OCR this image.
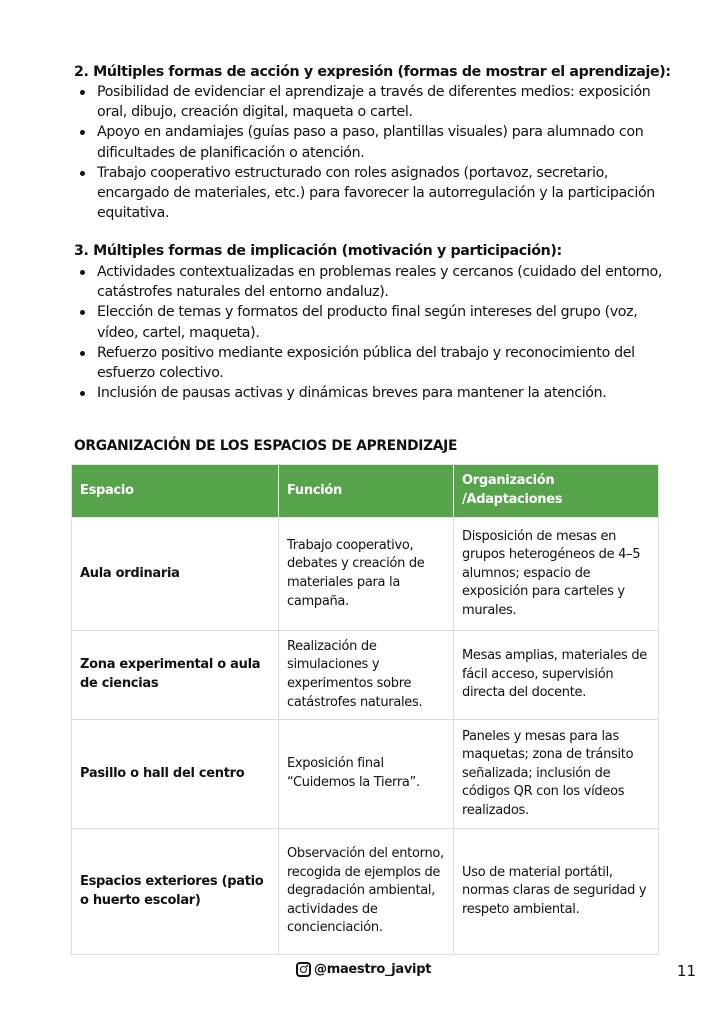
2. Múltiples formas de acción y expresión (formas de mostrar el aprendizaje):
Posibilidad de evidenciar el aprendizaje a través de diferentes medios: exposición oral, dibujo, creación digital, maqueta o cartel.
Apoyo en andamiajes (guías paso a paso, plantillas visuales) para alumnado con dificultades de planificación o atención.
Trabajo cooperativo estructurado con roles asignados (portavoz, secretario, encargado de materiales, etc.) para favorecer la autorregulación y la participación equitativa.
3. Múltiples formas de implicación (motivación y participación):
Actividades contextualizadas en problemas reales y cercanos (cuidado del entorno, catástrofes naturales del entorno andaluz).
Elección de temas y formatos del producto final según intereses del grupo (voz, vídeo, cartel, maqueta).
Refuerzo positivo mediante exposición pública del trabajo y reconocimiento del esfuerzo colectivo.
Inclusión de pausas activas y dinámicas breves para mantener la atención.
ORGANIZACIÓN DE LOS ESPACIOS DE APRENDIZAJE
Espacio	Función	Organización /Adaptaciones
Aula ordinaria	Trabajo cooperativo, debates y creación de materiales para la campaña.	Disposición de mesas en grupos heterogéneos de 4–5 alumnos; espacio de exposición para carteles y murales.
Zona experimental o aula de ciencias	Realización de simulaciones y experimentos sobre catástrofes naturales.	Mesas amplias, materiales de fácil acceso, supervisión directa del docente.
Pasillo o hall del centro	Exposición final “Cuidemos la Tierra”.	Paneles y mesas para las maquetas; zona de tránsito señalizada; inclusión de códigos QR con los vídeos realizados.
Espacios exteriores (patio o huerto escolar)	Observación del entorno, recogida de ejemplos de degradación ambiental, actividades de concienciación.	Uso de material portátil, normas claras de seguridad y respeto ambiental.
@maestro_javipt	11
